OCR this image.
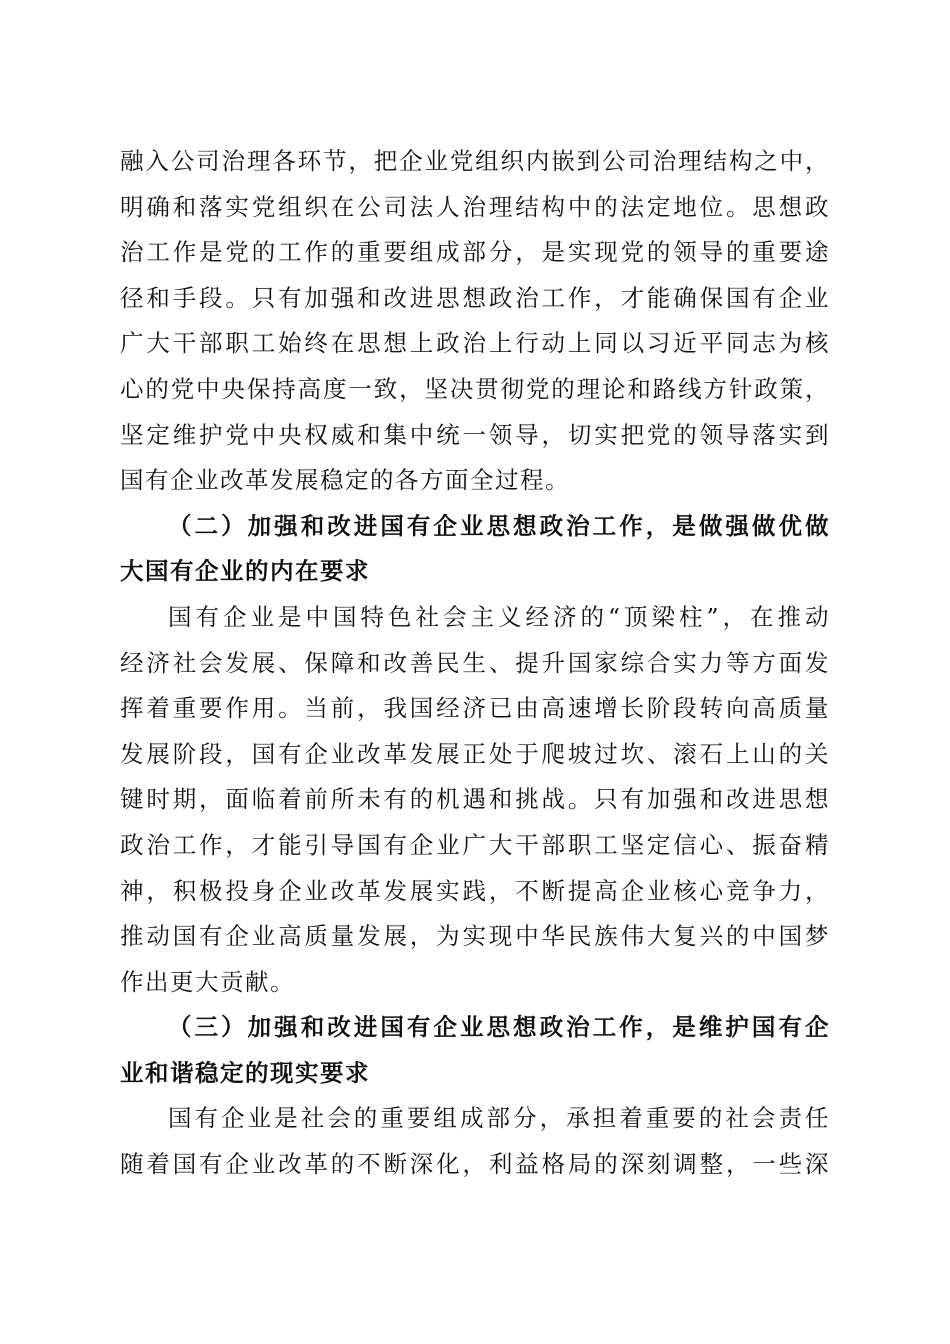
融入公司治理各环节，把企业党组织内嵌到公司治理结构之中，
明确和落实党组织在公司法人治理结构中的法定地位。思想政
治工作是党的工作的重要组成部分，是实现党的领导的重要途
径和手段。只有加强和改进思想政治工作，才能确保国有企业
广大干部职工始终在思想上政治上行动上同以习近平同志为核
心的党中央保持高度一致，坚决贯彻党的理论和路线方针政策，
坚定维护党中央权威和集中统一领导，切实把党的领导落实到
国有企业改革发展稳定的各方面全过程。
（二）加强和改进国有企业思想政治工作，是做强做优做
大国有企业的内在要求
国有企业是中国特色社会主义经济的“顶梁柱”，在推动
经济社会发展、保障和改善民生、提升国家综合实力等方面发
挥着重要作用。当前，我国经济已由高速增长阶段转向高质量
发展阶段，国有企业改革发展正处于爬坡过坎、滚石上山的关
键时期，面临着前所未有的机遇和挑战。只有加强和改进思想
政治工作，才能引导国有企业广大干部职工坚定信心、振奋精
神，积极投身企业改革发展实践，不断提高企业核心竞争力，
推动国有企业高质量发展，为实现中华民族伟大复兴的中国梦
作出更大贡献。
（三）加强和改进国有企业思想政治工作，是维护国有企
业和谐稳定的现实要求
国有企业是社会的重要组成部分，承担着重要的社会责任
随着国有企业改革的不断深化，利益格局的深刻调整，一些深
